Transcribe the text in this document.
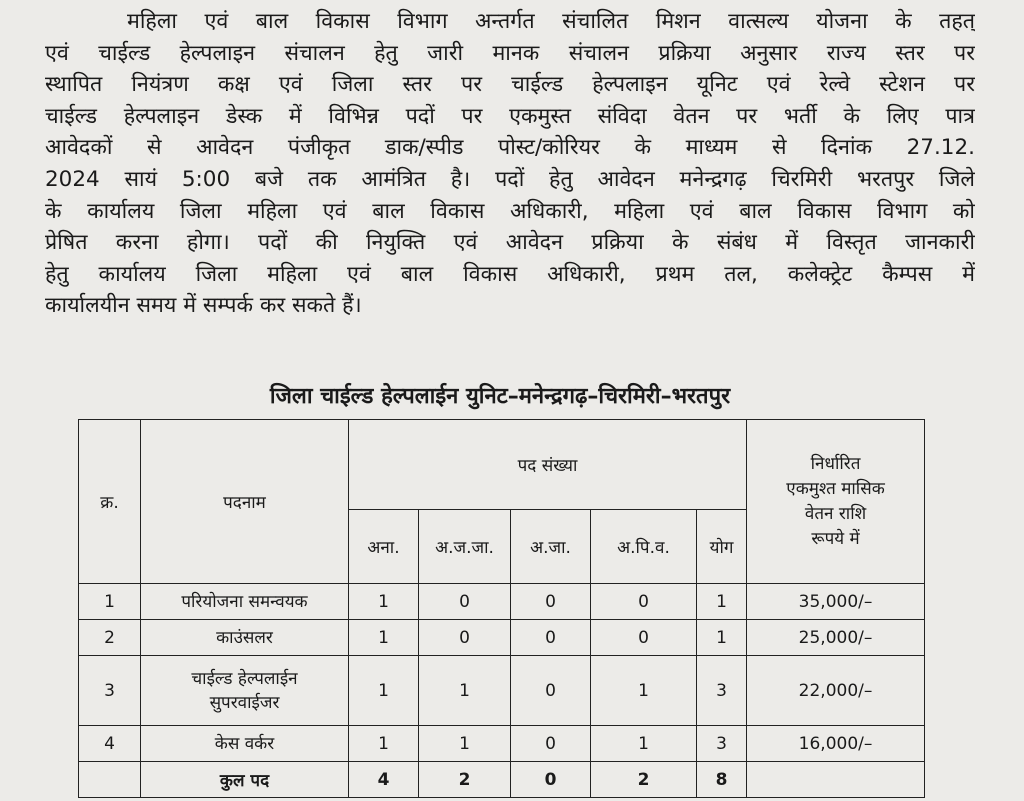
महिला एवं बाल विकास विभाग अन्तर्गत संचालित मिशन वात्सल्य योजना के तहत्
एवं चाईल्ड हेल्पलाइन संचालन हेतु जारी मानक संचालन प्रक्रिया अनुसार राज्य स्तर पर
स्थापित नियंत्रण कक्ष एवं जिला स्तर पर चाईल्ड हेल्पलाइन यूनिट एवं रेल्वे स्टेशन पर
चाईल्ड हेल्पलाइन डेस्क में विभिन्न पदों पर एकमुस्त संविदा वेतन पर भर्ती के लिए पात्र
आवेदकों से आवेदन पंजीकृत डाक/स्पीड पोस्ट/कोरियर के माध्यम से दिनांक 27.12.
2024 सायं 5:00 बजे तक आमंत्रित है। पदों हेतु आवेदन मनेन्द्रगढ़ चिरमिरी भरतपुर जिले
के कार्यालय जिला महिला एवं बाल विकास अधिकारी, महिला एवं बाल विकास विभाग को
प्रेषित करना होगा। पदों की नियुक्ति एवं आवेदन प्रक्रिया के संबंध में विस्तृत जानकारी
हेतु कार्यालय जिला महिला एवं बाल विकास अधिकारी, प्रथम तल, कलेक्ट्रेट कैम्पस में
कार्यालयीन समय में सम्पर्क कर सकते हैं।
जिला चाईल्ड हेल्पलाईन युनिट–मनेन्द्रगढ़–चिरमिरी–भरतपुर
क्र.	पदनाम	पद संख्या					निर्धारित
एकमुश्त मासिक
वेतन राशि
रूपये में

		अना.	अ.ज.जा.	अ.जा.	अ.पि.व.	योग	
1	परियोजना समन्वयक	1	0	0	0	1	35,000/–
2	काउंसलर	1	0	0	0	1	25,000/–
3	चाईल्ड हेल्पलाईन
सुपरवाईजर	1	1	0	1	3	22,000/–
4	केस वर्कर	1	1	0	1	3	16,000/–
	कुल पद	4	2	0	2	8	
